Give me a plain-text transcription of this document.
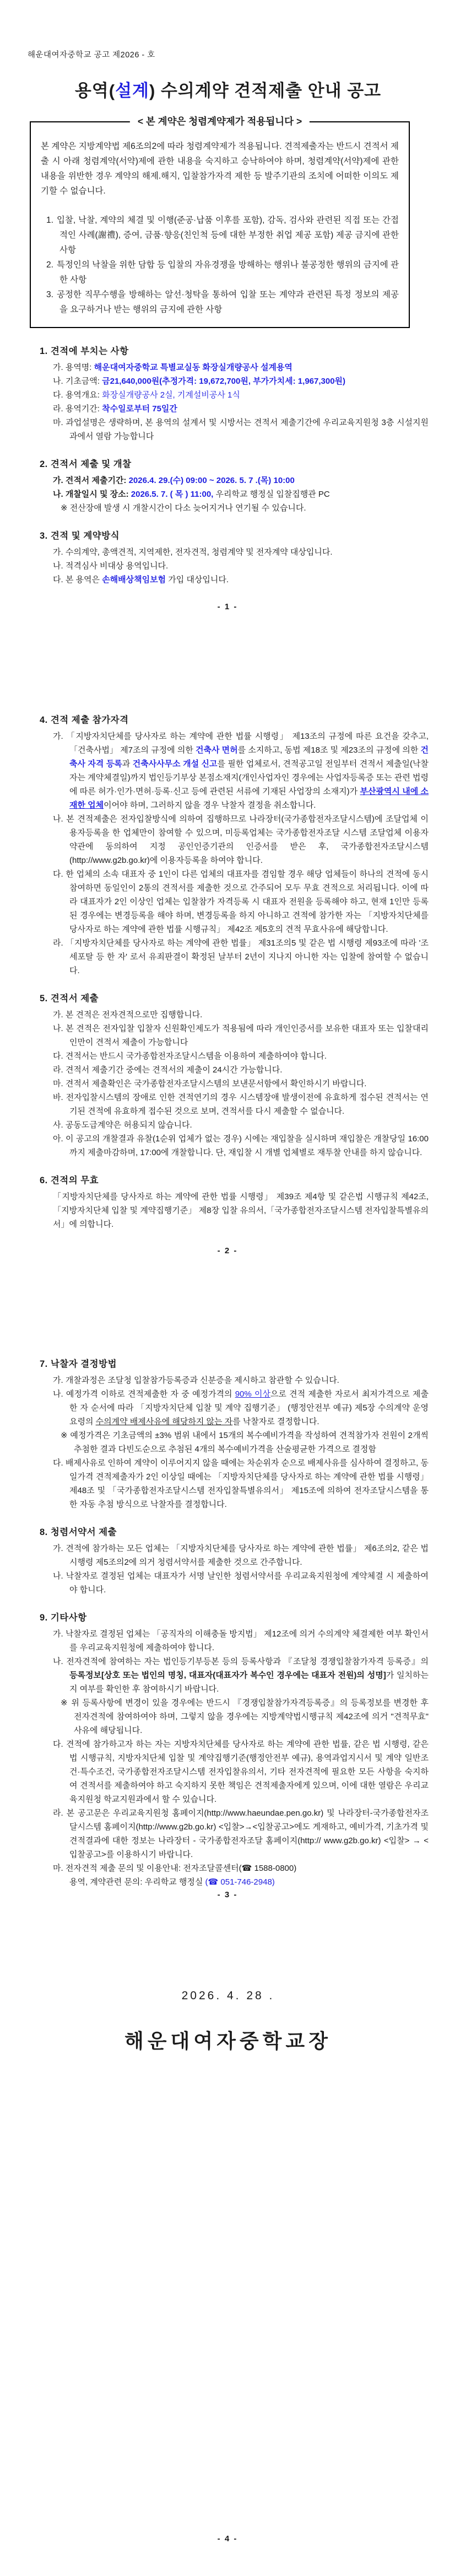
해운대여자중학교 공고 제2026 - 호
용역(설계) 수의계약 견적제출 안내 공고
< 본 계약은 청렴계약제가 적용됩니다 >

본 계약은 지방계약법 제6조의2에 따라 청렴계약제가 적용됩니다. 견적제출자는 반드시 견적서 제출 시 아래 청렴계약(서약)제에 관한 내용을 숙지하고 승낙하여야 하며, 청렴계약(서약)제에 관한 내용을 위반한 경우 계약의 해제.해지, 입찰참가자격 제한 등 발주기관의 조치에 어떠한 이의도 제기할 수 없습니다.

1. 입찰, 낙찰, 계약의 체결 및 이행(준공·납품 이후를 포함), 감독, 검사와 관련된 직접 또는 간접적인 사례(謝禮), 증여, 금품·향응(친인척 등에 대한 부정한 취업 제공 포함) 제공 금지에 관한 사항
2. 특정인의 낙찰을 위한 담합 등 입찰의 자유경쟁을 방해하는 행위나 불공정한 행위의 금지에 관한 사항
3. 공정한 직무수행을 방해하는 알선·청탁을 통하여 입찰 또는 계약과 관련된 특정 정보의 제공을 요구하거나 받는 행위의 금지에 관한 사항
1. 견적에 부치는 사항
가. 용역명: 해운대여자중학교 특별교실동 화장실개량공사 설계용역
나. 기초금액: 금21,640,000원(추정가격: 19,672,700원, 부가가치세: 1,967,300원)
다. 용역개요: 화장실개량공사 2실, 기계설비공사 1식
라. 용역기간: 착수일로부터 75일간
마. 과업설명은 생략하며, 본 용역의 설계서 및 시방서는 견적서 제출기간에 우리교육지원청 3층 시설지원과에서 열람 가능합니다
2. 견적서 제출 및 개찰
가. 견적서 제출기간: 2026.4. 29.(수) 09:00 ~ 2026. 5. 7 .(목) 10:00
나. 개찰일시 및 장소: 2026.5. 7. ( 목 ) 11:00, 우리학교 행정실 입찰집행관 PC
※ 전산장애 발생 시 개찰시간이 다소 늦어지거나 연기될 수 있습니다.
3. 견적 및 계약방식
가. 수의계약, 총액견적, 지역제한, 전자견적, 청렴계약 및 전자계약 대상입니다.
나. 적격심사 비대상 용역입니다.
다. 본 용역은 손해배상책임보험 가입 대상입니다.
- 1 -
4. 견적 제출 참가자격
가. 「지방자치단체를 당사자로 하는 계약에 관한 법률 시행령」 제13조의 규정에 따른 요건을 갖추고,「건축사법」 제7조의 규정에 의한 건축사 면허를 소지하고, 동법 제18조 및 제23조의 규정에 의한 건축사 자격 등록과 건축사사무소 개설 신고를 필한 업체로서, 견적공고일 전일부터 견적서 제출일(낙찰자는 계약체결일)까지 법인등기부상 본점소재지(개인사업자인 경우에는 사업자등록증 또는 관련 법령에 따른 허가·인가·면허·등록·신고 등에 관련된 서류에 기재된 사업장의 소재지)가 부산광역시 내에 소재한 업체이어야 하며, 그러하지 않을 경우 낙찰자 결정을 취소합니다.
나. 본 견적제출은 전자입찰방식에 의하여 집행하므로 나라장터(국가종합전자조달시스템)에 조달업체 이용자등록을 한 업체만이 참여할 수 있으며, 미등록업체는 국가종합전자조달 시스템 조달업체 이용자약관에 동의하여 지정 공인인증기관의 인증서를 받은 후, 국가종합전자조달시스템(http://www.g2b.go.kr)에 이용자등록을 하여야 합니다.
다. 한 업체의 소속 대표자 중 1인이 다른 업체의 대표자를 겸임할 경우 해당 업체들이 하나의 견적에 동시 참여하면 동일인이 2통의 견적서를 제출한 것으로 간주되어 모두 무효 견적으로 처리됩니다. 이에 따라 대표자가 2인 이상인 업체는 입찰참가 자격등록 시 대표자 전원을 등록해야 하고, 현재 1인만 등록된 경우에는 변경등록을 해야 하며, 변경등록을 하지 아니하고 견적에 참가한 자는 「지방자치단체를 당사자로 하는 계약에 관한 법률 시행규칙」 제42조 제5호의 견적 무효사유에 해당합니다.
라. 「지방자치단체를 당사자로 하는 계약에 관한 법률」 제31조의5 및 같은 법 시행령 제93조에 따라 '조세포탈 등 한 자' 로서 유죄판결이 확정된 날부터 2년이 지나지 아니한 자는 입찰에 참여할 수 없습니다.
5. 견적서 제출
가. 본 견적은 전자견적으로만 집행합니다.
나. 본 견적은 전자입찰 입찰자 신원확인제도가 적용됨에 따라 개인인증서를 보유한 대표자 또는 입찰대리인만이 견적서 제출이 가능합니다
다. 견적서는 반드시 국가종합전자조달시스템을 이용하여 제출하여야 합니다.
라. 견적서 제출기간 중에는 견적서의 제출이 24시간 가능합니다.
마. 견적서 제출확인은 국가종합전자조달시스템의 보낸문서함에서 확인하시기 바랍니다.
바. 전자입찰시스템의 장애로 인한 견적연기의 경우 시스템장애 발생이전에 유효하게 접수된 견적서는 연기된 견적에 유효하게 접수된 것으로 보며, 견적서를 다시 제출할 수 없습니다.
사. 공동도급계약은 허용되지 않습니다.
아. 이 공고의 개찰결과 유찰(1순위 업체가 없는 경우) 시에는 재입찰을 실시하며 재입찰은 개찰당일 16:00까지 제출마감하며, 17:00에 개찰합니다. 단, 재입찰 시 개별 업체별로 재투찰 안내를 하지 않습니다.
6. 견적의 무효
「지방자치단체를 당사자로 하는 계약에 관한 법률 시행령」 제39조 제4항 및 같은법 시행규칙 제42조, 「지방자치단체 입찰 및 계약집행기준」 제8장 입찰 유의서,「국가종합전자조달시스템 전자입찰특별유의서」에 의합니다.
- 2 -
7. 낙찰자 결정방법
가. 개찰과정은 조달청 입찰참가등록증과 신분증을 제시하고 참관할 수 있습니다.
나. 예정가격 이하로 견적제출한 자 중 예정가격의 90% 이상으로 견적 제출한 자로서 최저가격으로 제출한 자 순서에 따라 「지방자치단체 입찰 및 계약 집행기준」 (행정안전부 예규) 제5장 수의계약 운영요령의 수의계약 배제사유에 해당하지 않는 자를 낙찰자로 결정합니다.
※ 예정가격은 기초금액의 ±3% 범위 내에서 15개의 복수예비가격을 작성하여 견적참가자 전원이 2개씩 추첨한 결과 다빈도순으로 추첨된 4개의 복수예비가격을 산술평균한 가격으로 결정함
다. 배제사유로 인하여 계약이 이루어지지 않을 때에는 차순위자 순으로 배제사유를 심사하여 결정하고, 동일가격 견적제출자가 2인 이상일 때에는 「지방자치단체를 당사자로 하는 계약에 관한 법률 시행령」 제48조 및 「국가종합전자조달시스템 전자입찰특별유의서」 제15조에 의하여 전자조달시스템을 통한 자동 추첨 방식으로 낙찰자를 결정합니다.
8. 청렴서약서 제출
가. 견적에 참가하는 모든 업체는 「지방자치단체를 당사자로 하는 계약에 관한 법률」 제6조의2, 같은 법 시행령 제5조의2에 의거 청렴서약서를 제출한 것으로 간주합니다.
나. 낙찰자로 결정된 업체는 대표자가 서명 날인한 청렴서약서를 우리교육지원청에 계약체결 시 제출하여야 합니다.
9. 기타사항
가. 낙찰자로 결정된 업체는 「공직자의 이해충돌 방지법」 제12조에 의거 수의계약 체결제한 여부 확인서를 우리교육지원청에 제출하여야 합니다.
나. 전자견적에 참여하는 자는 법인등기부등본 등의 등록사항과 『조달청 경쟁입찰참가자격 등록증』의 등록정보[상호 또는 법인의 명칭, 대표자(대표자가 복수인 경우에는 대표자 전원)의 성명]가 일치하는지 여부를 확인한 후 참여하시기 바랍니다.
※ 위 등록사항에 변경이 있을 경우에는 반드시 『경쟁입찰참가자격등록증』의 등록정보를 변경한 후 전자견적에 참여하여야 하며, 그렇지 않을 경우에는 지방계약법시행규칙 제42조에 의거 "견적무효" 사유에 해당됩니다.
다. 견적에 참가하고자 하는 자는 지방자치단체를 당사자로 하는 계약에 관한 법률, 같은 법 시행령, 같은 법 시행규칙, 지방자치단체 입찰 및 계약집행기준(행정안전부 예규), 용역과업지시서 및 계약 일반조건·특수조건, 국가종합전자조달시스템 전자입찰유의서, 기타 전자견적에 필요한 모든 사항을 숙지하여 견적서를 제출하여야 하고 숙지하지 못한 책임은 견적제출자에게 있으며, 이에 대한 열람은 우리교육지원청 학교지원과에서 할 수 있습니다.
라. 본 공고문은 우리교육지원청 홈페이지(http://www.haeundae.pen.go.kr) 및 나라장터-국가종합전자조달시스템 홈페이지(http://www.g2b.go.kr) <입찰>→<입찰공고>에도 게재하고, 예비가격, 기초가격 및 견적결과에 대한 정보는 나라장터 - 국가종합전자조달 홈페이지(http:// www.g2b.go.kr) <입찰> → <입찰공고>를 이용하시기 바랍니다.
마. 전자견적 제출 문의 및 이용안내: 전자조달콜센터(☎ 1588-0800)
용역, 계약관련 문의: 우리학교 행정실 (☎ 051-746-2948)
- 3 -
2026. 4. 28 .
해운대여자중학교장
- 4 -
